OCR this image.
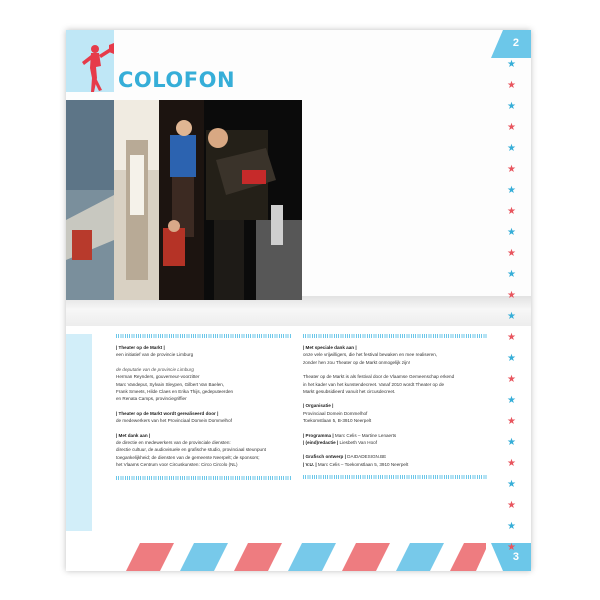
COLOFON
2
3
★
★
★
★
★
★
★
★
★
★
★
★
★
★
★
★
★
★
★
★
★
★
★
★

| Theater op de Markt |

een initiatief van de provincie Limburg

de deputatie van de provincie Limburg

Herman Reynders, gouverneur-voorzitter

Marc Vandeput, Sylvain Sleypen, Gilbert Van Baelen,

Frank Smeets, Hilde Claes en Erika Thijs, gedeputeerden

en Renata Camps, provinciegriffier

| Theater op de Markt wordt gerealiseerd door |

de medewerkers van het Provinciaal Domein Dommelhof

| Met dank aan |

de directie en medewerkers van de provinciale diensten:

directie cultuur, de audiovisuele en grafische studio, provinciaal steunpunt

toegankelijkheid; de diensten van de gemeente Neerpelt; de sponsors;

het Vlaams Centrum voor Circuskunsten: Circo Circolo (NL)

| Met speciale dank aan |

onze vele vrijwilligers, die het festival bewaken en mee realiseren,

zonder hen zou Theater op de Markt onmogelijk zijn!

Theater op de Markt is als festival door de Vlaamse Gemeenschap erkend

in het kader van het kunstendecreet. Vanaf 2010 wordt Theater op de

Markt gesubsidieerd vanuit het circusdecreet.

| Organisatie |

Provinciaal Domein Dommelhof

Toekomstlaan 5, B-3910 Neerpelt

| Programma | Marc Celis – Martine Lenaerts

| (eind)redactie | Liesbeth Van Hoof

| Grafisch ontwerp | DAIDADESIGN.BE

| V.U. | Marc Celis – Toekomstlaan 5, 3910 Neerpelt
